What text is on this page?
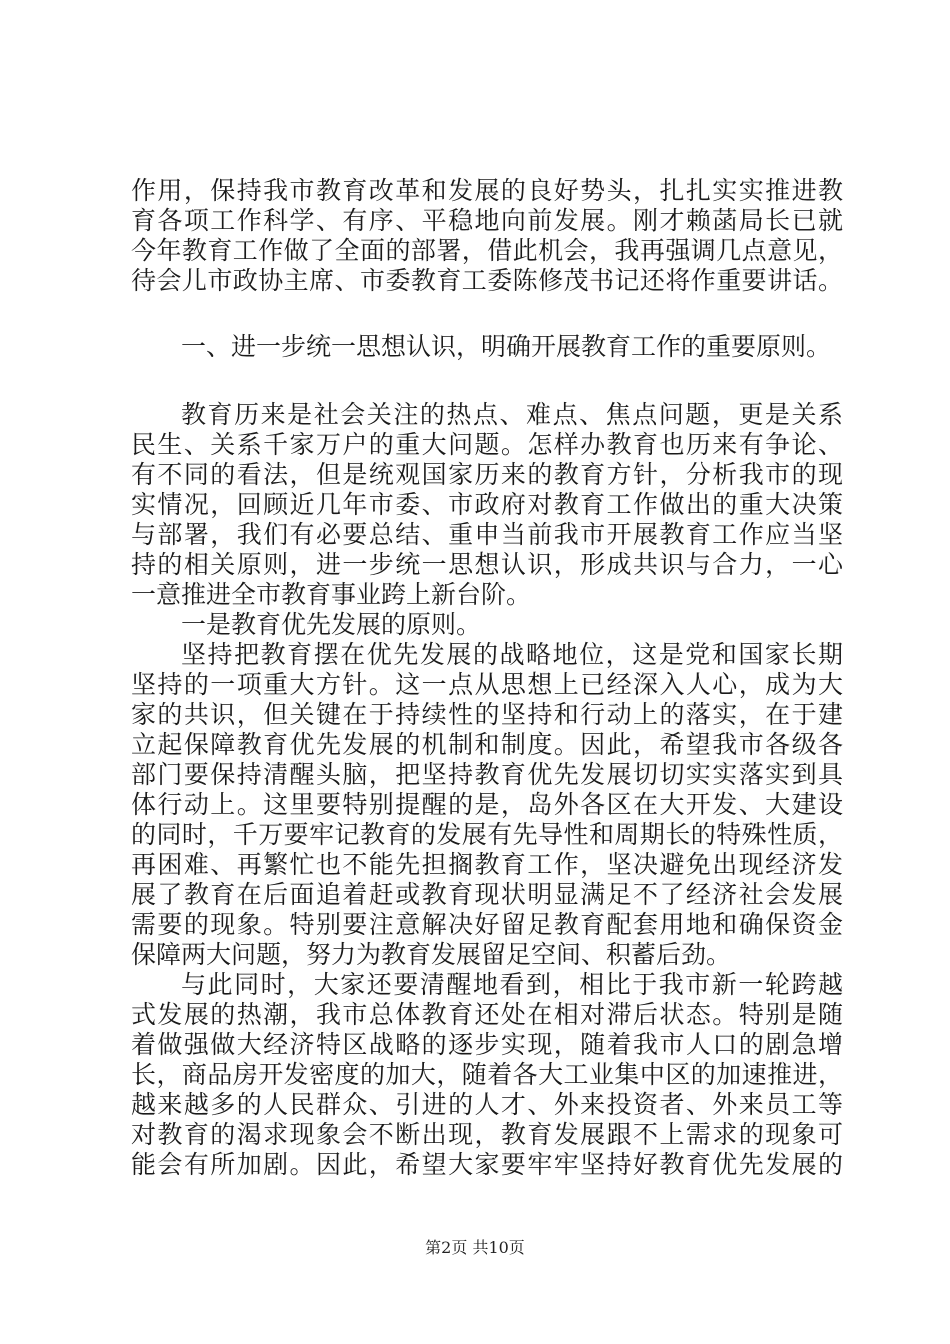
作用，保持我市教育改革和发展的良好势头，扎扎实实推进教
育各项工作科学、有序、平稳地向前发展。刚才赖菡局长已就
今年教育工作做了全面的部署，借此机会，我再强调几点意见，
待会儿市政协主席、市委教育工委陈修茂书记还将作重要讲话。
一、进一步统一思想认识，明确开展教育工作的重要原则。
教育历来是社会关注的热点、难点、焦点问题，更是关系
民生、关系千家万户的重大问题。怎样办教育也历来有争论、
有不同的看法，但是统观国家历来的教育方针，分析我市的现
实情况，回顾近几年市委、市政府对教育工作做出的重大决策
与部署，我们有必要总结、重申当前我市开展教育工作应当坚
持的相关原则，进一步统一思想认识，形成共识与合力，一心
一意推进全市教育事业跨上新台阶。
一是教育优先发展的原则。
坚持把教育摆在优先发展的战略地位，这是党和国家长期
坚持的一项重大方针。这一点从思想上已经深入人心，成为大
家的共识，但关键在于持续性的坚持和行动上的落实，在于建
立起保障教育优先发展的机制和制度。因此，希望我市各级各
部门要保持清醒头脑，把坚持教育优先发展切切实实落实到具
体行动上。这里要特别提醒的是，岛外各区在大开发、大建设
的同时，千万要牢记教育的发展有先导性和周期长的特殊性质，
再困难、再繁忙也不能先担搁教育工作，坚决避免出现经济发
展了教育在后面追着赶或教育现状明显满足不了经济社会发展
需要的现象。特别要注意解决好留足教育配套用地和确保资金
保障两大问题，努力为教育发展留足空间、积蓄后劲。
与此同时，大家还要清醒地看到，相比于我市新一轮跨越
式发展的热潮，我市总体教育还处在相对滞后状态。特别是随
着做强做大经济特区战略的逐步实现，随着我市人口的剧急增
长，商品房开发密度的加大，随着各大工业集中区的加速推进，
越来越多的人民群众、引进的人才、外来投资者、外来员工等
对教育的渴求现象会不断出现，教育发展跟不上需求的现象可
能会有所加剧。因此，希望大家要牢牢坚持好教育优先发展的
第2页 共10页
